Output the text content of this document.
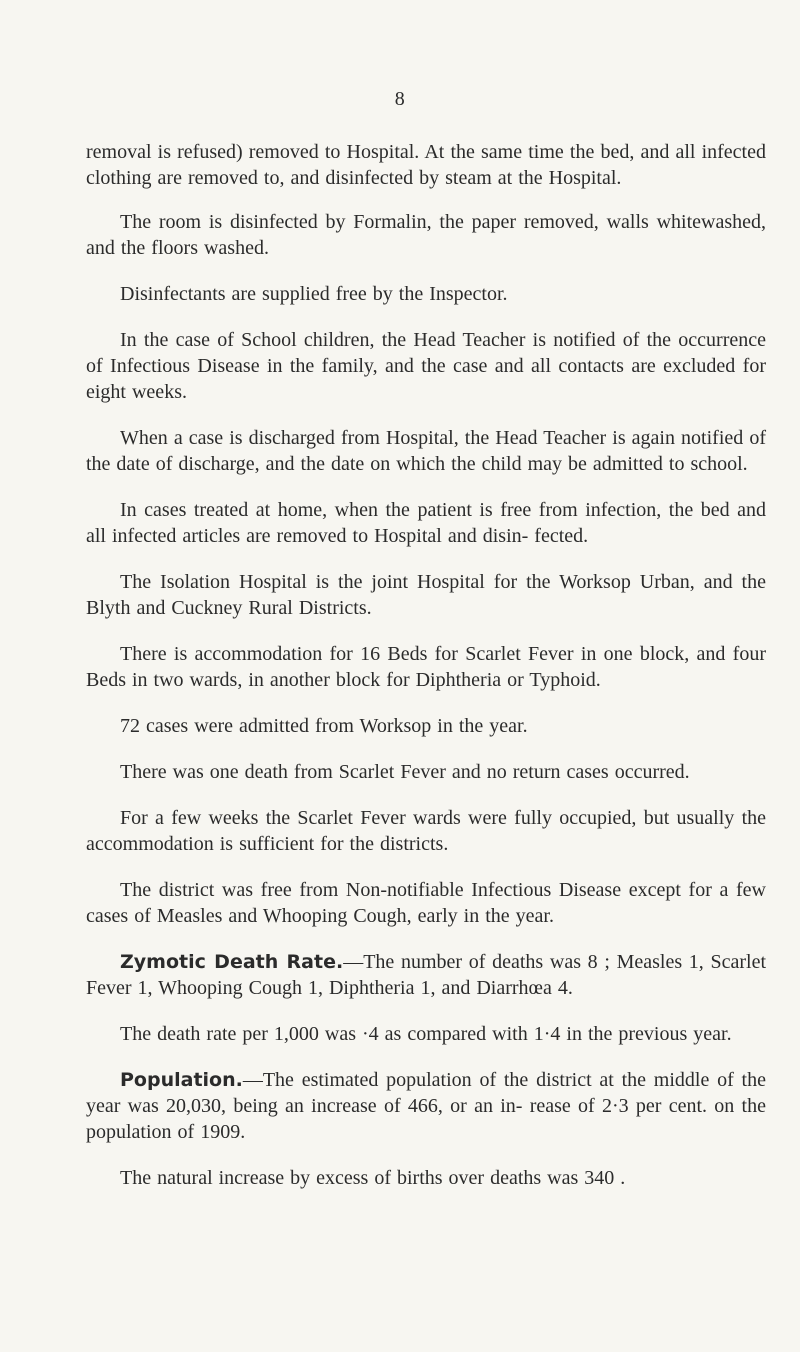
8

removal is refused) removed to Hospital. At the same time the bed, and all infected clothing are removed to, and disinfected by steam at the Hospital.

The room is disinfected by Formalin, the paper removed, walls whitewashed, and the floors washed.

Disinfectants are supplied free by the Inspector.

In the case of School children, the Head Teacher is notified of the occurrence of Infectious Disease in the family, and the case and all contacts are excluded for eight weeks.

When a case is discharged from Hospital, the Head Teacher is again notified of the date of discharge, and the date on which the child may be admitted to school.

In cases treated at home, when the patient is free from infection, the bed and all infected articles are removed to Hospital and disin- fected.

The Isolation Hospital is the joint Hospital for the Worksop Urban, and the Blyth and Cuckney Rural Districts.

There is accommodation for 16 Beds for Scarlet Fever in one block, and four Beds in two wards, in another block for Diphtheria or Typhoid.

72 cases were admitted from Worksop in the year.

There was one death from Scarlet Fever and no return cases occurred.

For a few weeks the Scarlet Fever wards were fully occupied, but usually the accommodation is sufficient for the districts.

The district was free from Non-notifiable Infectious Disease except for a few cases of Measles and Whooping Cough, early in the year.

Zymotic Death Rate.—The number of deaths was 8 ; Measles 1, Scarlet Fever 1, Whooping Cough 1, Diphtheria 1, and Diarrhœa 4.

The death rate per 1,000 was ·4 as compared with 1·4 in the previous year.

Population.—The estimated population of the district at the middle of the year was 20,030, being an increase of 466, or an in- rease of 2·3 per cent. on the population of 1909.

The natural increase by excess of births over deaths was 340 .
